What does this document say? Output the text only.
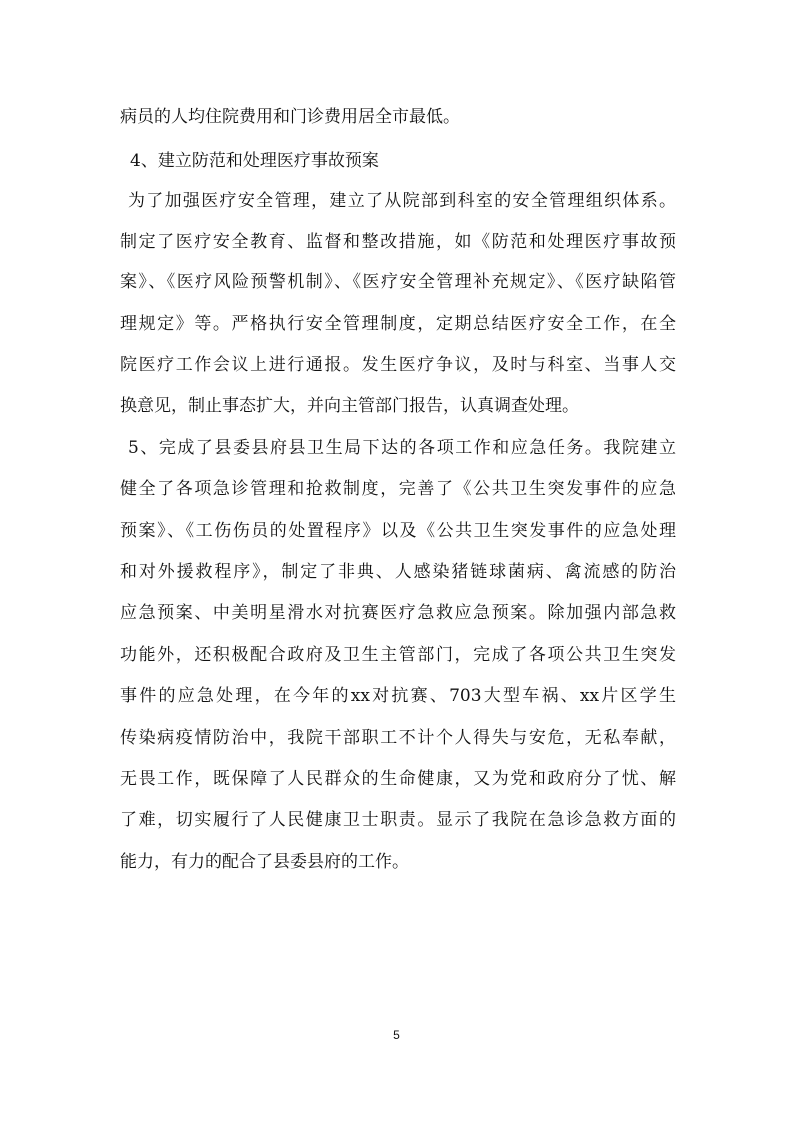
病员的人均住院费用和门诊费用居全市最低。
4、建立防范和处理医疗事故预案
为了加强医疗安全管理，建立了从院部到科室的安全管理组织体系。
制定了医疗安全教育、监督和整改措施，如《防范和处理医疗事故预
案》、《医疗风险预警机制》、《医疗安全管理补充规定》、《医疗缺陷管
理规定》等。严格执行安全管理制度，定期总结医疗安全工作，在全
院医疗工作会议上进行通报。发生医疗争议，及时与科室、当事人交
换意见，制止事态扩大，并向主管部门报告，认真调查处理。
5、完成了县委县府县卫生局下达的各项工作和应急任务。我院建立
健全了各项急诊管理和抢救制度，完善了《公共卫生突发事件的应急
预案》、《工伤伤员的处置程序》以及《公共卫生突发事件的应急处理
和对外援救程序》，制定了非典、人感染猪链球菌病、禽流感的防治
应急预案、中美明星滑水对抗赛医疗急救应急预案。除加强内部急救
功能外，还积极配合政府及卫生主管部门，完成了各项公共卫生突发
事件的应急处理，在今年的xx对抗赛、703大型车祸、xx片区学生
传染病疫情防治中，我院干部职工不计个人得失与安危，无私奉献，
无畏工作，既保障了人民群众的生命健康，又为党和政府分了忧、解
了难，切实履行了人民健康卫士职责。显示了我院在急诊急救方面的
能力，有力的配合了县委县府的工作。
5
